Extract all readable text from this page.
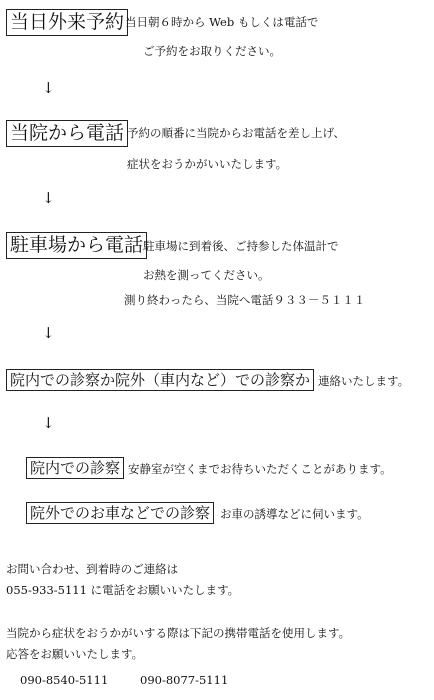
当日外来予約 当日朝６時から Web もしくは電話で
ご予約をお取りください。
↓
当院から電話 予約の順番に当院からお電話を差し上げ、
症状をおうかがいいたします。
↓
駐車場から電話 駐車場に到着後、ご持参した体温計で
お熱を測ってください。
測り終わったら、当院へ電話９３３－５１１１
↓
院内での診察か院外（車内など）での診察か 連絡いたします。
↓
院内での診察 安静室が空くまでお待ちいただくことがあります。
院外でのお車などでの診察 お車の誘導などに伺います。
お問い合わせ、到着時のご連絡は
055-933-5111 に電話をお願いいたします。
当院から症状をおうかがいする際は下記の携帯電話を使用します。
応答をお願いいたします。
090-8540-5111	090-8077-5111
